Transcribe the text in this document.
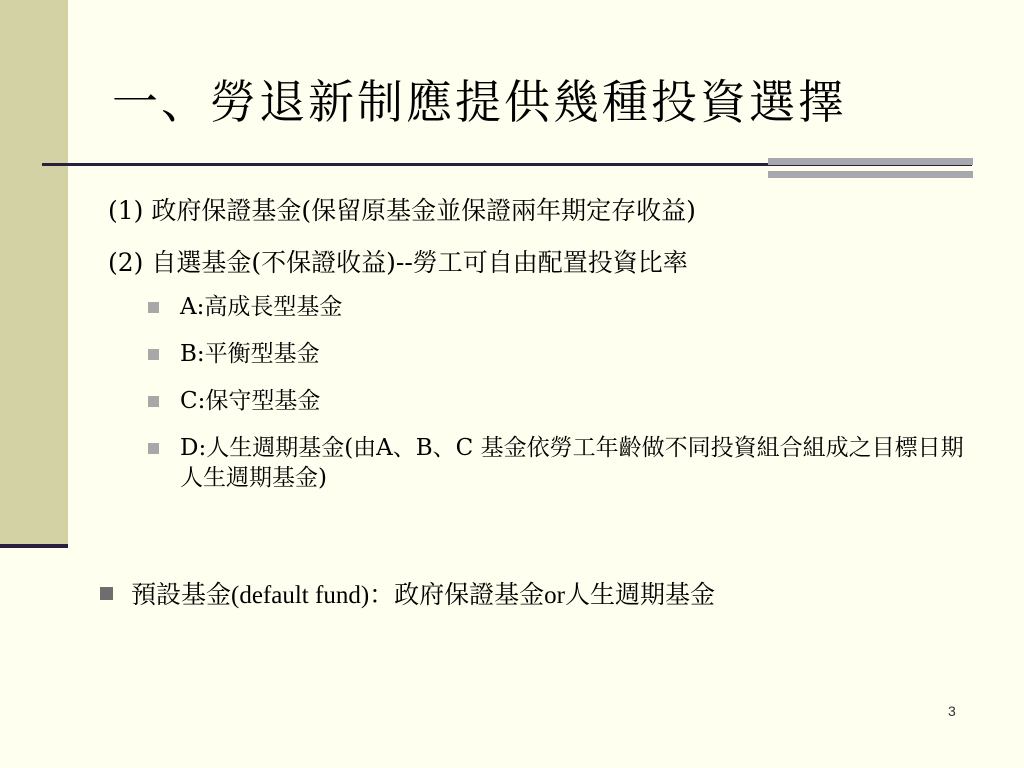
一、勞退新制應提供幾種投資選擇
(1) 政府保證基金(保留原基金並保證兩年期定存收益)
(2) 自選基金(不保證收益)--勞工可自由配置投資比率
A:高成長型基金
B:平衡型基金
C:保守型基金
D:人生週期基金(由A、B、C 基金依勞工年齡做不同投資組合組成之目標日期人生週期基金)
預設基金(default fund)：政府保證基金or人生週期基金
3
